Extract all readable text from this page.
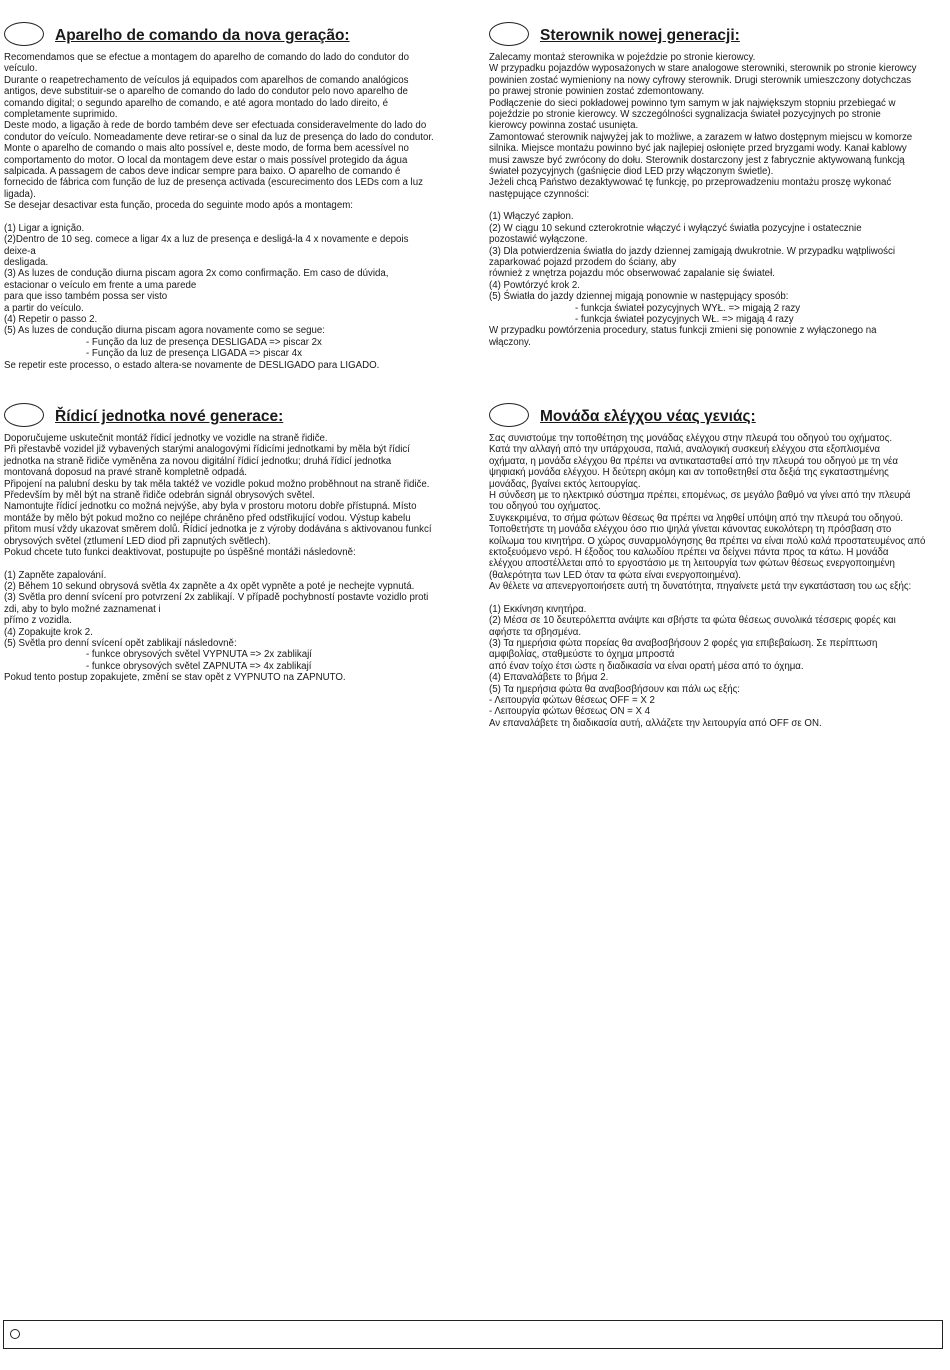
Aparelho de comando da nova geração:
Recomendamos que se efectue a montagem do aparelho de comando do lado do condutor do
veículo.
Durante o reapetrechamento de veículos já equipados com aparelhos de comando analógicos
antigos, deve substituir-se o aparelho de comando do lado do condutor pelo novo aparelho de
comando digital; o segundo aparelho de comando, e até agora montado do lado direito, é
completamente suprimido.
Deste modo, a ligação à rede de bordo também deve ser efectuada consideravelmente do lado do
condutor do veículo. Nomeadamente deve retirar-se o sinal da luz de presença do lado do condutor.
Monte o aparelho de comando o mais alto possível e, deste modo, de forma bem acessível no
comportamento do motor. O local da montagem deve estar o mais possível protegido da água
salpicada. A passagem de cabos deve indicar sempre para baixo. O aparelho de comando é
fornecido de fábrica com função de luz de presença activada (escurecimento dos LEDs com a luz
ligada).
Se desejar desactivar esta função, proceda do seguinte modo após a montagem:
(1) Ligar a ignição.
(2)Dentro de 10 seg. comece a ligar 4x a luz de presença e desligá-la 4 x novamente e depois
deixe-a
desligada.
(3) As luzes de condução diurna piscam agora 2x como confirmação. Em caso de dúvida,
estacionar o veículo em frente a uma parede
para que isso também possa ser visto
a partir do veículo.
(4) Repetir o passo 2.
(5) As luzes de condução diurna piscam agora novamente como se segue:
- Função da luz de presença DESLIGADA => piscar 2x
- Função da luz de presença LIGADA => piscar 4x
Se repetir este processo, o estado altera-se novamente de DESLIGADO para LIGADO.
Sterownik nowej generacji:
Zalecamy montaż sterownika w pojeździe po stronie kierowcy.
W przypadku pojazdów wyposażonych w stare analogowe sterowniki, sterownik po stronie kierowcy
powinien zostać wymieniony na nowy cyfrowy sterownik. Drugi sterownik umieszczony dotychczas
po prawej stronie powinien zostać zdemontowany.
Podłączenie do sieci pokładowej powinno tym samym w jak największym stopniu przebiegać w
pojeździe po stronie kierowcy. W szczególności sygnalizacja świateł pozycyjnych po stronie
kierowcy powinna zostać usunięta.
Zamontować sterownik najwyżej jak to możliwe, a zarazem w łatwo dostępnym miejscu w komorze
silnika. Miejsce montażu powinno być jak najlepiej osłonięte przed bryzgami wody. Kanał kablowy
musi zawsze być zwrócony do dołu. Sterownik dostarczony jest z fabrycznie aktywowaną funkcją
świateł pozycyjnych (gaśnięcie diod LED przy włączonym świetle).
Jeżeli chcą Państwo dezaktywować tę funkcję, po przeprowadzeniu montażu proszę wykonać
następujące czynności:
(1) Włączyć zapłon.
(2) W ciągu 10 sekund czterokrotnie włączyć i wyłączyć światła pozycyjne i ostatecznie
pozostawić wyłączone.
(3) Dla potwierdzenia światła do jazdy dziennej zamigają dwukrotnie. W przypadku wątpliwości
zaparkować pojazd przodem do ściany, aby
również z wnętrza pojazdu móc obserwować zapalanie się świateł.
(4) Powtórzyć krok 2.
(5) Światła do jazdy dziennej migają ponownie w następujący sposób:
- funkcja świateł pozycyjnych WYŁ. => migają 2 razy
- funkcja świateł pozycyjnych WŁ. => migają 4 razy
W przypadku powtórzenia procedury, status funkcji zmieni się ponownie z wyłączonego na
włączony.
Řídicí jednotka nové generace:
Doporučujeme uskutečnit montáž řídicí jednotky ve vozidle na straně řidiče.
Při přestavbě vozidel již vybavených starými analogovými řídicími jednotkami by měla být řídicí
jednotka na straně řidiče vyměněna za novou digitální řídicí jednotku; druhá řídicí jednotka
montovaná doposud na pravé straně kompletně odpadá.
Připojení na palubní desku by tak měla taktéž ve vozidle pokud možno proběhnout na straně řidiče.
Především by měl být na straně řidiče odebrán signál obrysových světel.
Namontujte řídicí jednotku co možná nejvýše, aby byla v prostoru motoru dobře přístupná. Místo
montáže by mělo být pokud možno co nejlépe chráněno před odstřikující vodou. Výstup kabelu
přitom musí vždy ukazovat směrem dolů. Řídicí jednotka je z výroby dodávána s aktivovanou funkcí
obrysových světel (ztlumení LED diod při zapnutých světlech).
Pokud chcete tuto funkci deaktivovat, postupujte po úspěšné montáži následovně:
(1) Zapněte zapalování.
(2) Během 10 sekund obrysová světla 4x zapněte a 4x opět vypněte a poté je nechejte vypnutá.
(3) Světla pro denní svícení pro potvrzení 2x zablikají. V případě pochybností postavte vozidlo proti
zdi, aby to bylo možné zaznamenat i
přímo z vozidla.
(4) Zopakujte krok 2.
(5) Světla pro denní svícení opět zablikají následovně:
- funkce obrysových světel VYPNUTA => 2x zablikají
- funkce obrysových světel ZAPNUTA => 4x zablikají
Pokud tento postup zopakujete, změní se stav opět z VYPNUTO na ZAPNUTO.
Μονάδα ελέγχου νέας γενιάς:
Σας συνιστούμε την τοποθέτηση της μονάδας ελέγχου στην πλευρά του οδηγού του οχήματος.
Κατά την αλλαγή από την υπάρχουσα, παλιά, αναλογική συσκευή ελέγχου στα εξοπλισμένα
οχήματα, η μονάδα ελέγχου θα πρέπει να αντικατασταθεί από την πλευρά του οδηγού με τη νέα
ψηφιακή μονάδα ελέγχου. Η δεύτερη ακόμη και αν τοποθετηθεί στα δεξιά της εγκαταστημένης
μονάδας, βγαίνει εκτός λειτουργίας.
Η σύνδεση με το ηλεκτρικό σύστημα πρέπει, επομένως, σε μεγάλο βαθμό να γίνει από την πλευρά
του οδηγού του οχήματος.
Συγκεκριμένα, το σήμα φώτων θέσεως θα πρέπει να ληφθεί υπόψη από την πλευρά του οδηγού.
Τοποθετήστε τη μονάδα ελέγχου όσο πιο ψηλά γίνεται κάνοντας ευκολότερη τη πρόσβαση στο
κοίλωμα του κινητήρα. Ο χώρος συναρμολόγησης θα πρέπει να είναι πολύ καλά προστατευμένος από
εκτοξευόμενο νερό. Η έξοδος του καλωδίου πρέπει να δείχνει πάντα προς τα κάτω. Η μονάδα
ελέγχου αποστέλλεται από το εργοστάσιο με τη λειτουργία των φώτων θέσεως ενεργοποιημένη
(θαλερότητα των LED όταν τα φώτα είναι ενεργοποιημένα).
Αν θέλετε να απενεργοποιήσετε αυτή τη δυνατότητα, πηγαίνετε μετά την εγκατάσταση του ως εξής:
(1) Εκκίνηση κινητήρα.
(2) Μέσα σε 10 δευτερόλεπτα ανάψτε και σβήστε τα φώτα θέσεως συνολικά τέσσερις φορές και
αφήστε τα σβησμένα.
(3) Τα ημερήσια φώτα πορείας θα αναβοσβήσουν 2 φορές για επιβεβαίωση. Σε περίπτωση
αμφιβολίας, σταθμεύστε το όχημα μπροστά
από έναν τοίχο έτσι ώστε η διαδικασία να είναι ορατή μέσα από το όχημα.
(4) Επαναλάβετε το βήμα 2.
(5) Τα ημερήσια φώτα θα αναβοσβήσουν και πάλι ως εξής:
- Λειτουργία φώτων θέσεως OFF = X 2
- Λειτουργία φώτων θέσεως ON = X 4
Αν επαναλάβετε τη διαδικασία αυτή, αλλάζετε την λειτουργία από OFF σε ON.
